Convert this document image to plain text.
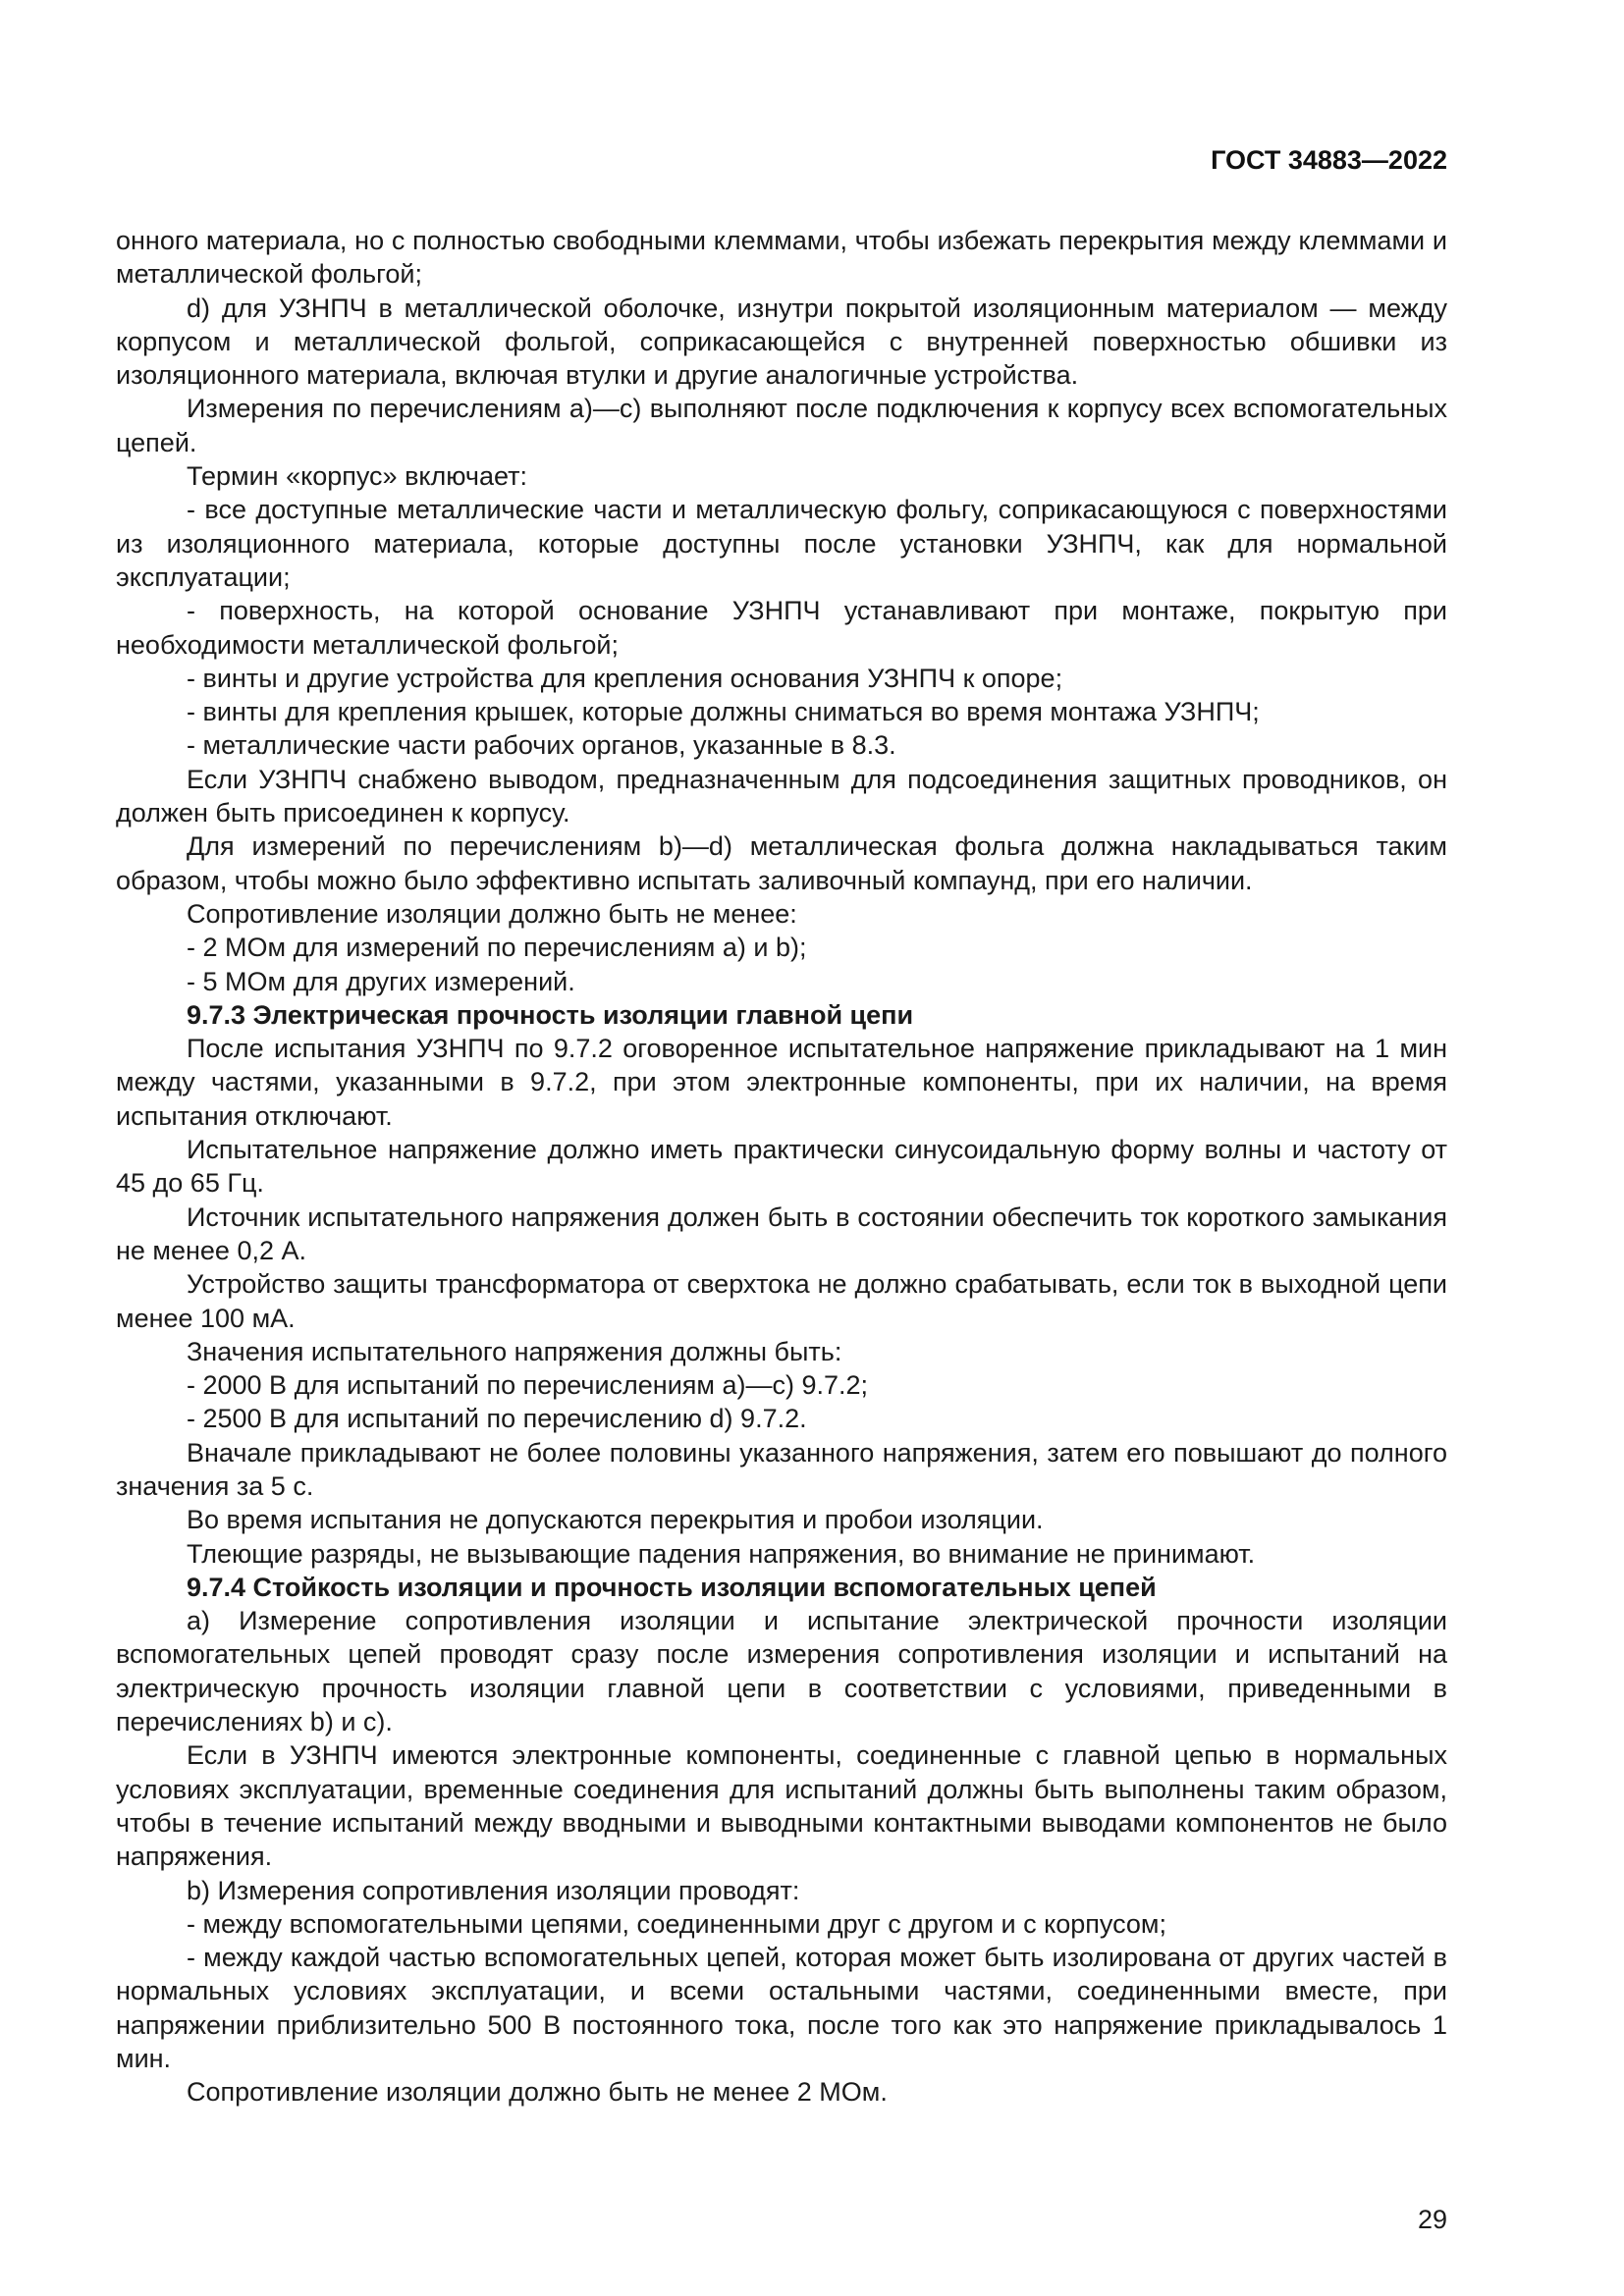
ГОСТ 34883—2022

онного материала, но с полностью свободными клеммами, чтобы избежать перекрытия между клеммами и металлической фольгой;

d) для УЗНПЧ в металлической оболочке, изнутри покрытой изоляционным материалом — между корпусом и металлической фольгой, соприкасающейся с внутренней поверхностью обшивки из изоляционного материала, включая втулки и другие аналогичные устройства.

Измерения по перечислениям а)—с) выполняют после подключения к корпусу всех вспомогательных цепей.

Термин «корпус» включает:

- все доступные металлические части и металлическую фольгу, соприкасающуюся с поверхностями из изоляционного материала, которые доступны после установки УЗНПЧ, как для нормальной эксплуатации;

- поверхность, на которой основание УЗНПЧ устанавливают при монтаже, покрытую при необходимости металлической фольгой;

- винты и другие устройства для крепления основания УЗНПЧ к опоре;

- винты для крепления крышек, которые должны сниматься во время монтажа УЗНПЧ;

- металлические части рабочих органов, указанные в 8.3.

Если УЗНПЧ снабжено выводом, предназначенным для подсоединения защитных проводников, он должен быть присоединен к корпусу.

Для измерений по перечислениям b)—d) металлическая фольга должна накладываться таким образом, чтобы можно было эффективно испытать заливочный компаунд, при его наличии.

Сопротивление изоляции должно быть не менее:

- 2 МОм для измерений по перечислениям а) и b);

- 5 МОм для других измерений.

9.7.3 Электрическая прочность изоляции главной цепи

После испытания УЗНПЧ по 9.7.2 оговоренное испытательное напряжение прикладывают на 1 мин между частями, указанными в 9.7.2, при этом электронные компоненты, при их наличии, на время испытания отключают.

Испытательное напряжение должно иметь практически синусоидальную форму волны и частоту от 45 до 65 Гц.

Источник испытательного напряжения должен быть в состоянии обеспечить ток короткого замыкания не менее 0,2 А.

Устройство защиты трансформатора от сверхтока не должно срабатывать, если ток в выходной цепи менее 100 мА.

Значения испытательного напряжения должны быть:

- 2000 В для испытаний по перечислениям а)—с) 9.7.2;

- 2500 В для испытаний по перечислению d) 9.7.2.

Вначале прикладывают не более половины указанного напряжения, затем его повышают до полного значения за 5 с.

Во время испытания не допускаются перекрытия и пробои изоляции.

Тлеющие разряды, не вызывающие падения напряжения, во внимание не принимают.

9.7.4 Стойкость изоляции и прочность изоляции вспомогательных цепей

а) Измерение сопротивления изоляции и испытание электрической прочности изоляции вспомогательных цепей проводят сразу после измерения сопротивления изоляции и испытаний на электрическую прочность изоляции главной цепи в соответствии с условиями, приведенными в перечислениях b) и с).

Если в УЗНПЧ имеются электронные компоненты, соединенные с главной цепью в нормальных условиях эксплуатации, временные соединения для испытаний должны быть выполнены таким образом, чтобы в течение испытаний между вводными и выводными контактными выводами компонентов не было напряжения.

b) Измерения сопротивления изоляции проводят:

- между вспомогательными цепями, соединенными друг с другом и с корпусом;

- между каждой частью вспомогательных цепей, которая может быть изолирована от других частей в нормальных условиях эксплуатации, и всеми остальными частями, соединенными вместе, при напряжении приблизительно 500 В постоянного тока, после того как это напряжение прикладывалось 1 мин.

Сопротивление изоляции должно быть не менее 2 МОм.

29
